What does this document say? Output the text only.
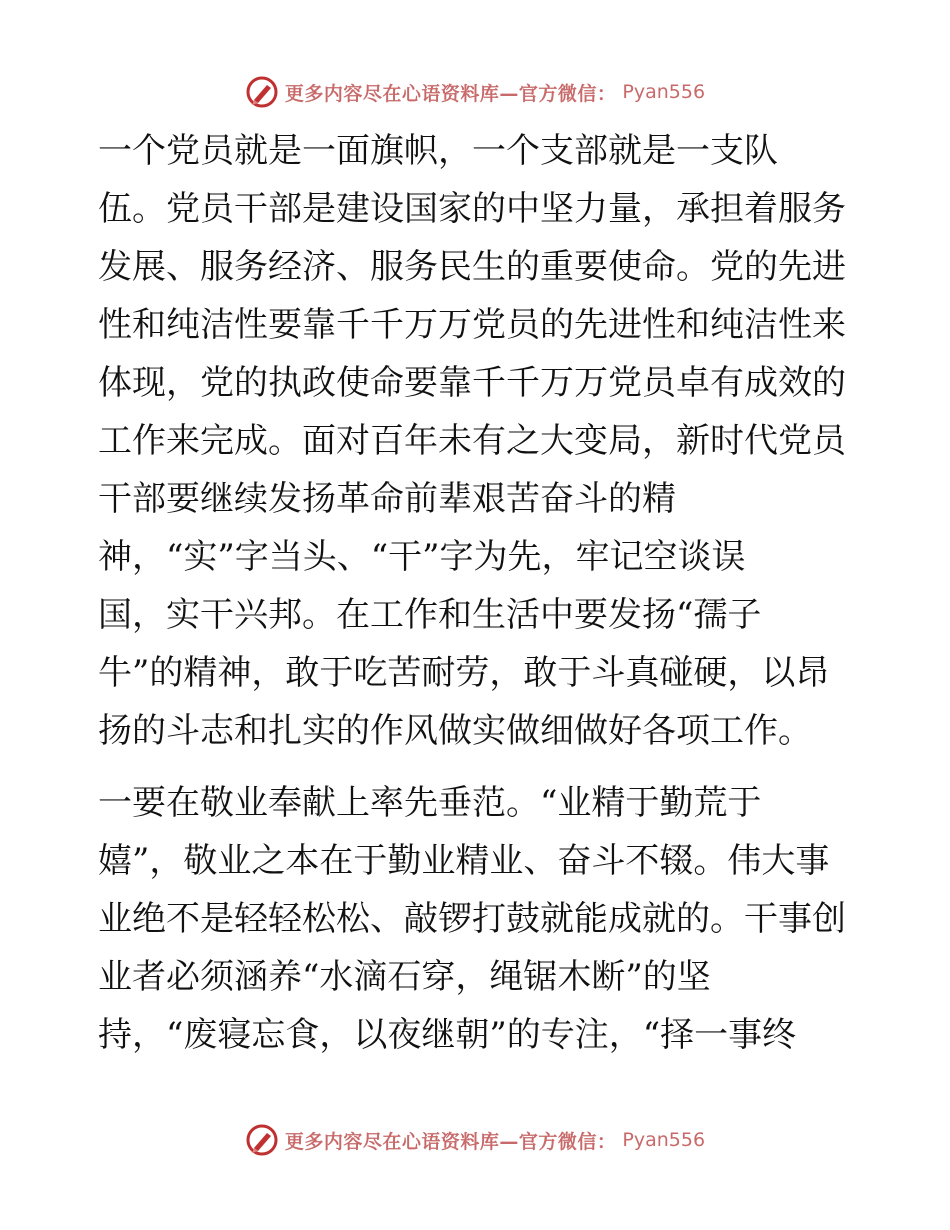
更多内容尽在心语资料库—官方微信： Pyan556
一个党员就是一面旗帜，一个支部就是一支队
伍。党员干部是建设国家的中坚力量，承担着服务
发展、服务经济、服务民生的重要使命。党的先进
性和纯洁性要靠千千万万党员的先进性和纯洁性来
体现，党的执政使命要靠千千万万党员卓有成效的
工作来完成。面对百年未有之大变局，新时代党员
干部要继续发扬革命前辈艰苦奋斗的精
神，“实”字当头、“干”字为先，牢记空谈误
国，实干兴邦。在工作和生活中要发扬“孺子
牛”的精神，敢于吃苦耐劳，敢于斗真碰硬，以昂
扬的斗志和扎实的作风做实做细做好各项工作。
一要在敬业奉献上率先垂范。“业精于勤荒于
嬉”，敬业之本在于勤业精业、奋斗不辍。伟大事
业绝不是轻轻松松、敲锣打鼓就能成就的。干事创
业者必须涵养“水滴石穿，绳锯木断”的坚
持，“废寝忘食，以夜继朝”的专注，“择一事终
更多内容尽在心语资料库—官方微信： Pyan556
